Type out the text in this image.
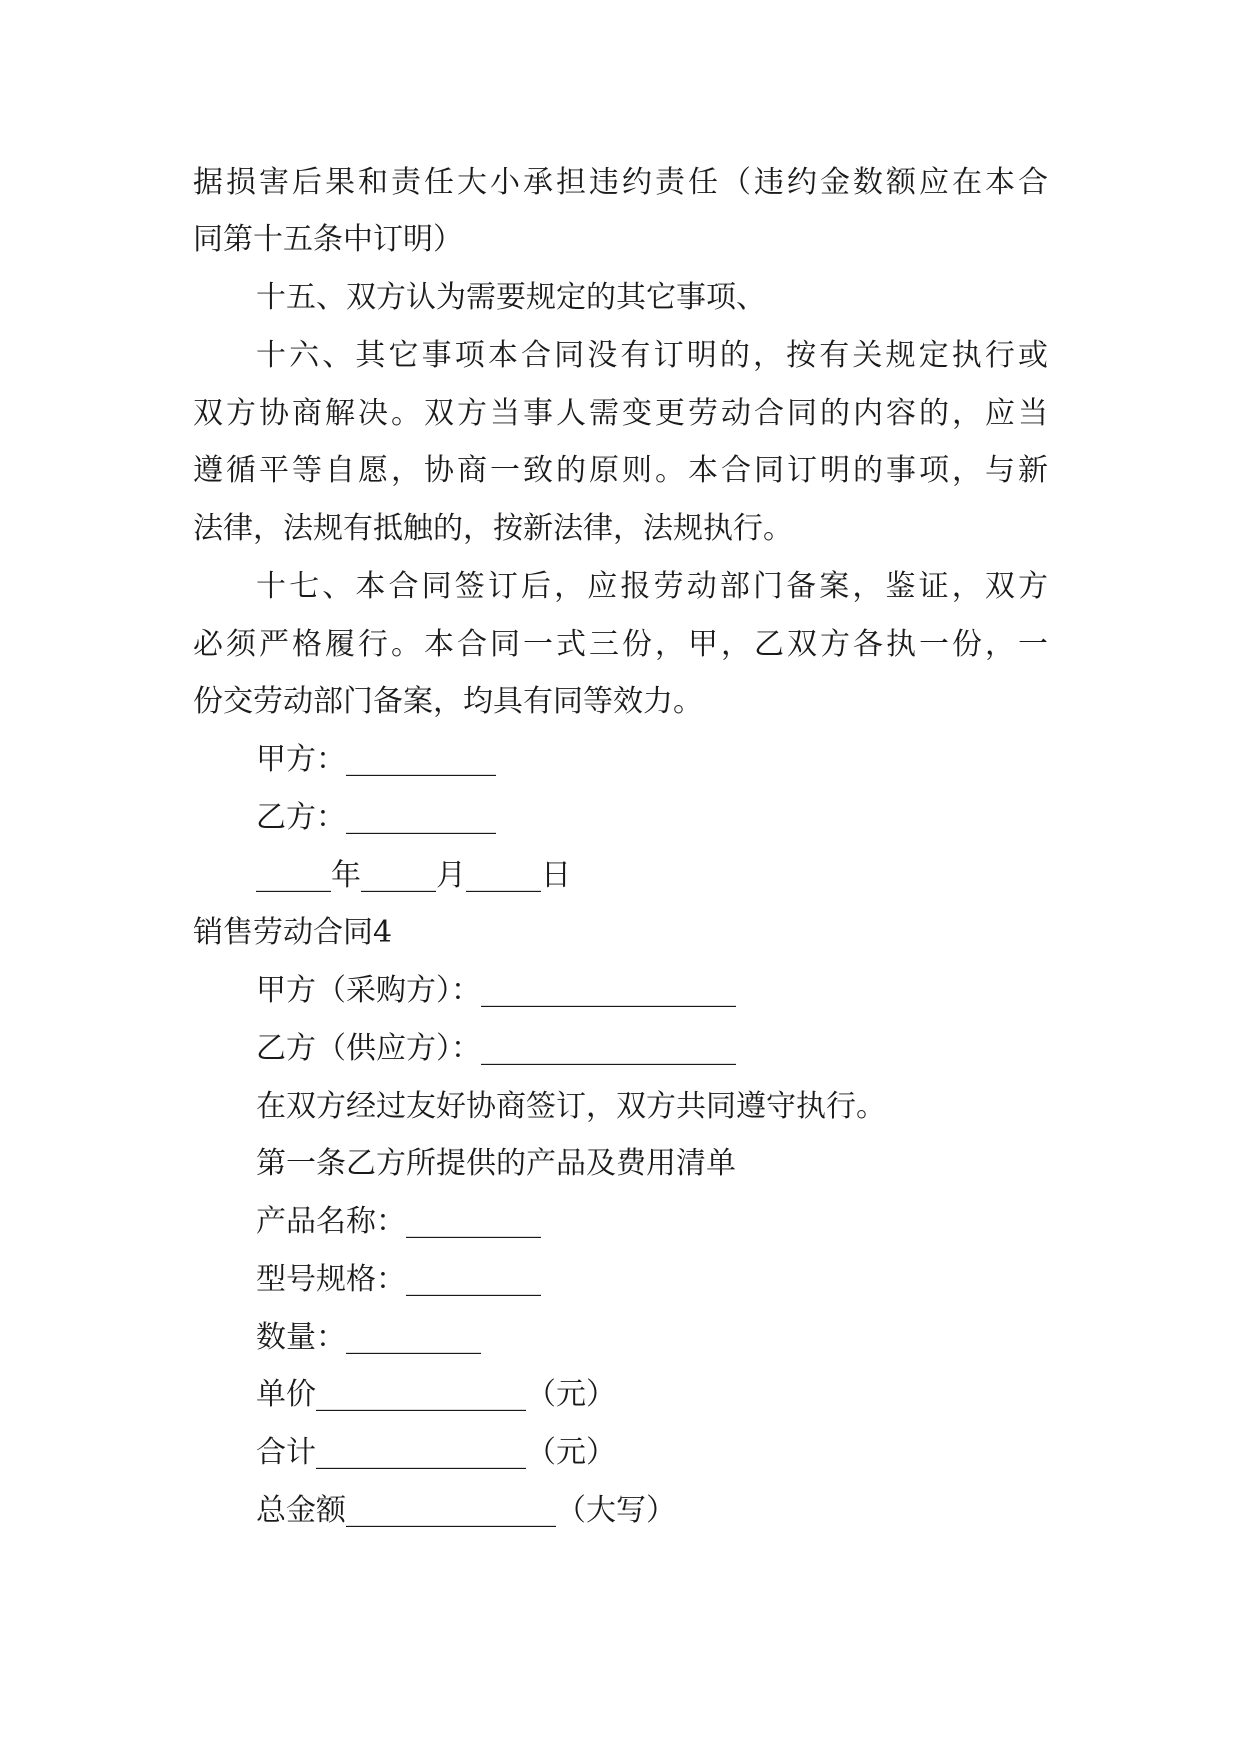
据损害后果和责任大小承担违约责任（违约金数额应在本合
同第十五条中订明）
十五、双方认为需要规定的其它事项、
十六、其它事项本合同没有订明的，按有关规定执行或
双方协商解决。双方当事人需变更劳动合同的内容的，应当
遵循平等自愿，协商一致的原则。本合同订明的事项，与新
法律，法规有抵触的，按新法律，法规执行。
十七、本合同签订后，应报劳动部门备案，鉴证，双方
必须严格履行。本合同一式三份，甲，乙双方各执一份，一
份交劳动部门备案，均具有同等效力。
甲方：__________
乙方：__________
_____年_____月_____日
销售劳动合同4
甲方（采购方）：_________________
乙方（供应方）：_________________
在双方经过友好协商签订，双方共同遵守执行。
第一条乙方所提供的产品及费用清单
产品名称：_________
型号规格：_________
数量：_________
单价______________（元）
合计______________（元）
总金额______________（大写）
